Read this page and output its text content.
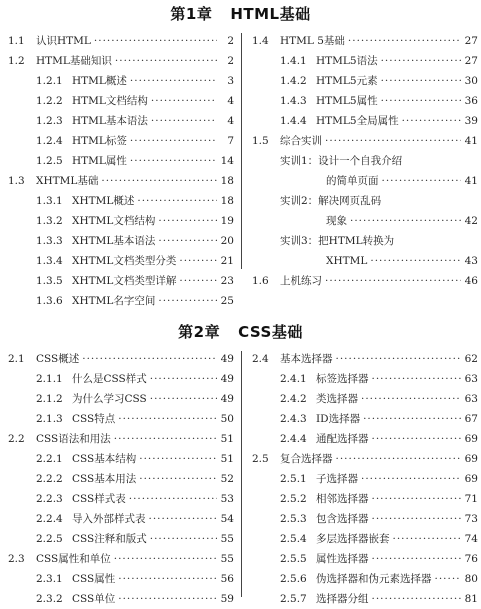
第1章 HTML基础
1.1	认识HTML ·····	2
1.2	HTML基础知识 ·····	2
1.2.1 HTML概述 ·····	3
1.2.2 HTML文档结构 ·····	4
1.2.3 HTML基本语法 ·····	4
1.2.4 HTML标签 ·····	7
1.2.5 HTML属性 ·····	14
1.3	XHTML基础 ·····	18
1.3.1 XHTML概述 ·····	18
1.3.2 XHTML文档结构 ·····	19
1.3.3 XHTML基本语法 ·····	20
1.3.4 XHTML文档类型分类 ·····	21
1.3.5 XHTML文档类型详解 ·····	23
1.3.6 XHTML名字空间 ·····	25
1.4	HTML 5基础 ·····	27
1.4.1 HTML5语法 ·····	27
1.4.2 HTML5元素 ·····	30
1.4.3 HTML5属性 ·····	36
1.4.4 HTML5全局属性 ·····	39
1.5	综合实训 ·····	41
实训1：设计一个自我介绍
的简单页面 ·····	41
实训2：解决网页乱码
现象 ·····	42
实训3：把HTML转换为
XHTML ·····	43
1.6	上机练习 ·····	46
第2章 CSS基础
2.1	CSS概述 ·····	49
2.1.1 什么是CSS样式 ·····	49
2.1.2 为什么学习CSS ·····	49
2.1.3 CSS特点 ·····	50
2.2	CSS语法和用法 ·····	51
2.2.1 CSS基本结构 ·····	51
2.2.2 CSS基本用法 ·····	52
2.2.3 CSS样式表 ·····	53
2.2.4 导入外部样式表 ·····	54
2.2.5 CSS注释和版式 ·····	55
2.3	CSS属性和单位 ·····	55
2.3.1 CSS属性 ·····	56
2.3.2 CSS单位 ·····	59
2.4	基本选择器 ·····	62
2.4.1 标签选择器 ·····	63
2.4.2 类选择器 ·····	63
2.4.3 ID选择器 ·····	67
2.4.4 通配选择器 ·····	69
2.5	复合选择器 ·····	69
2.5.1 子选择器 ·····	69
2.5.2 相邻选择器 ·····	71
2.5.3 包含选择器 ·····	73
2.5.4 多层选择器嵌套 ·····	74
2.5.5 属性选择器 ·····	76
2.5.6 伪选择器和伪元素选择器 ·····	80
2.5.7 选择器分组 ·····	81
